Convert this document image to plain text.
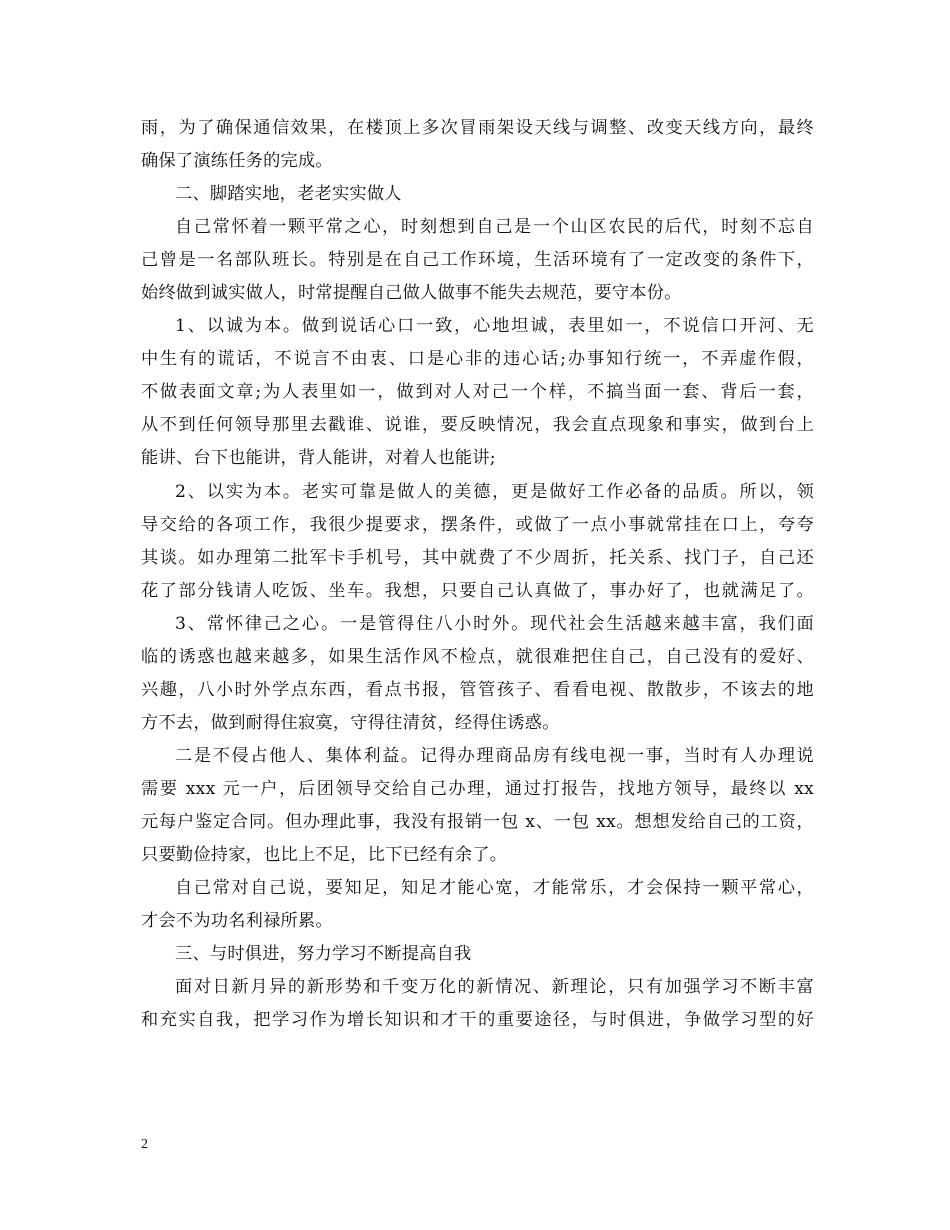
雨，为了确保通信效果，在楼顶上多次冒雨架设天线与调整、改变天线方向，最终
确保了演练任务的完成。
二、脚踏实地，老老实实做人
自己常怀着一颗平常之心，时刻想到自己是一个山区农民的后代，时刻不忘自
己曾是一名部队班长。特别是在自己工作环境，生活环境有了一定改变的条件下，
始终做到诚实做人，时常提醒自己做人做事不能失去规范，要守本份。
1、以诚为本。做到说话心口一致，心地坦诚，表里如一，不说信口开河、无
中生有的谎话，不说言不由衷、口是心非的违心话;办事知行统一，不弄虚作假，
不做表面文章;为人表里如一，做到对人对己一个样，不搞当面一套、背后一套，
从不到任何领导那里去戳谁、说谁，要反映情况，我会直点现象和事实，做到台上
能讲、台下也能讲，背人能讲，对着人也能讲;
2、以实为本。老实可靠是做人的美德，更是做好工作必备的品质。所以，领
导交给的各项工作，我很少提要求，摆条件，或做了一点小事就常挂在口上，夸夸
其谈。如办理第二批军卡手机号，其中就费了不少周折，托关系、找门子，自己还
花了部分钱请人吃饭、坐车。我想，只要自己认真做了，事办好了，也就满足了。
3、常怀律己之心。一是管得住八小时外。现代社会生活越来越丰富，我们面
临的诱惑也越来越多，如果生活作风不检点，就很难把住自己，自己没有的爱好、
兴趣，八小时外学点东西，看点书报，管管孩子、看看电视、散散步，不该去的地
方不去，做到耐得住寂寞，守得往清贫，经得住诱惑。
二是不侵占他人、集体利益。记得办理商品房有线电视一事，当时有人办理说
需要 xxx 元一户，后团领导交给自己办理，通过打报告，找地方领导，最终以 xx
元每户鉴定合同。但办理此事，我没有报销一包 x、一包 xx。想想发给自己的工资，
只要勤俭持家，也比上不足，比下已经有余了。
自己常对自己说，要知足，知足才能心宽，才能常乐，才会保持一颗平常心，
才会不为功名利禄所累。
三、与时俱进，努力学习不断提高自我
面对日新月异的新形势和千变万化的新情况、新理论，只有加强学习不断丰富
和充实自我，把学习作为增长知识和才干的重要途径，与时俱进，争做学习型的好
2
